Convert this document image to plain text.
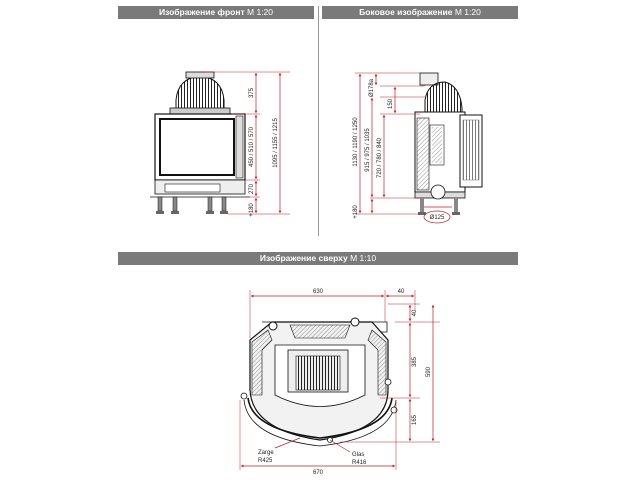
Изображение фронт M 1:20	Боковое изображение M 1:20
Изображение сверху M 1:10
375
450 / 510 / 570
270
+180
1095 / 1155 / 1215
Ø178a
150
1130 / 1190 / 1250 915 / 975 / 1035 720 / 780 / 840
+180	Ø125
630	40
40
385
590
165
670
Zarge
R425
Glas
R416
